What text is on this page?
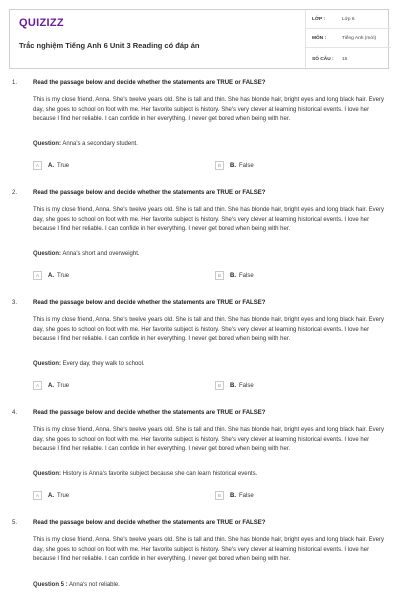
QUIZIZZ
Trắc nghiệm Tiếng Anh 6 Unit 3 Reading có đáp án
LỚP :	Lớp 6
MÔN :	Tiếng Anh (mới)
SỐ CÂU :	15
1.	Read the passage below and decide whether the statements are TRUE or FALSE?
This is my close friend, Anna. She's twelve years old. She is tall and thin. She has blonde hair, bright eyes and long black hair. Every day, she goes to school on foot with me. Her favorite subject is history. She's very clever at learning historical events. I love her because I find her reliable. I can confide in her everything. I never get bored when being with her.
Question: Anna's a secondary student.
A	A. True	B	B. False
2.	Read the passage below and decide whether the statements are TRUE or FALSE?
This is my close friend, Anna. She's twelve years old. She is tall and thin. She has blonde hair, bright eyes and long black hair. Every day, she goes to school on foot with me. Her favorite subject is history. She's very clever at learning historical events. I love her because I find her reliable. I can confide in her everything. I never get bored when being with her.
Question: Anna's short and overweight.
A	A. True	B	B. False
3.	Read the passage below and decide whether the statements are TRUE or FALSE?
This is my close friend, Anna. She's twelve years old. She is tall and thin. She has blonde hair, bright eyes and long black hair. Every day, she goes to school on foot with me. Her favorite subject is history. She's very clever at learning historical events. I love her because I find her reliable. I can confide in her everything. I never get bored when being with her.
Question: Every day, they walk to school.
A	A. True	B	B. False
4.	Read the passage below and decide whether the statements are TRUE or FALSE?
This is my close friend, Anna. She's twelve years old. She is tall and thin. She has blonde hair, bright eyes and long black hair. Every day, she goes to school on foot with me. Her favorite subject is history. She's very clever at learning historical events. I love her because I find her reliable. I can confide in her everything. I never get bored when being with her.
Question: History is Anna's favorite subject because she can learn historical events.
A	A. True	B	B. False
5.	Read the passage below and decide whether the statements are TRUE or FALSE?
This is my close friend, Anna. She's twelve years old. She is tall and thin. She has blonde hair, bright eyes and long black hair. Every day, she goes to school on foot with me. Her favorite subject is history. She's very clever at learning historical events. I love her because I find her reliable. I can confide in her everything. I never get bored when being with her.
Question 5 : Anna's not reliable.
